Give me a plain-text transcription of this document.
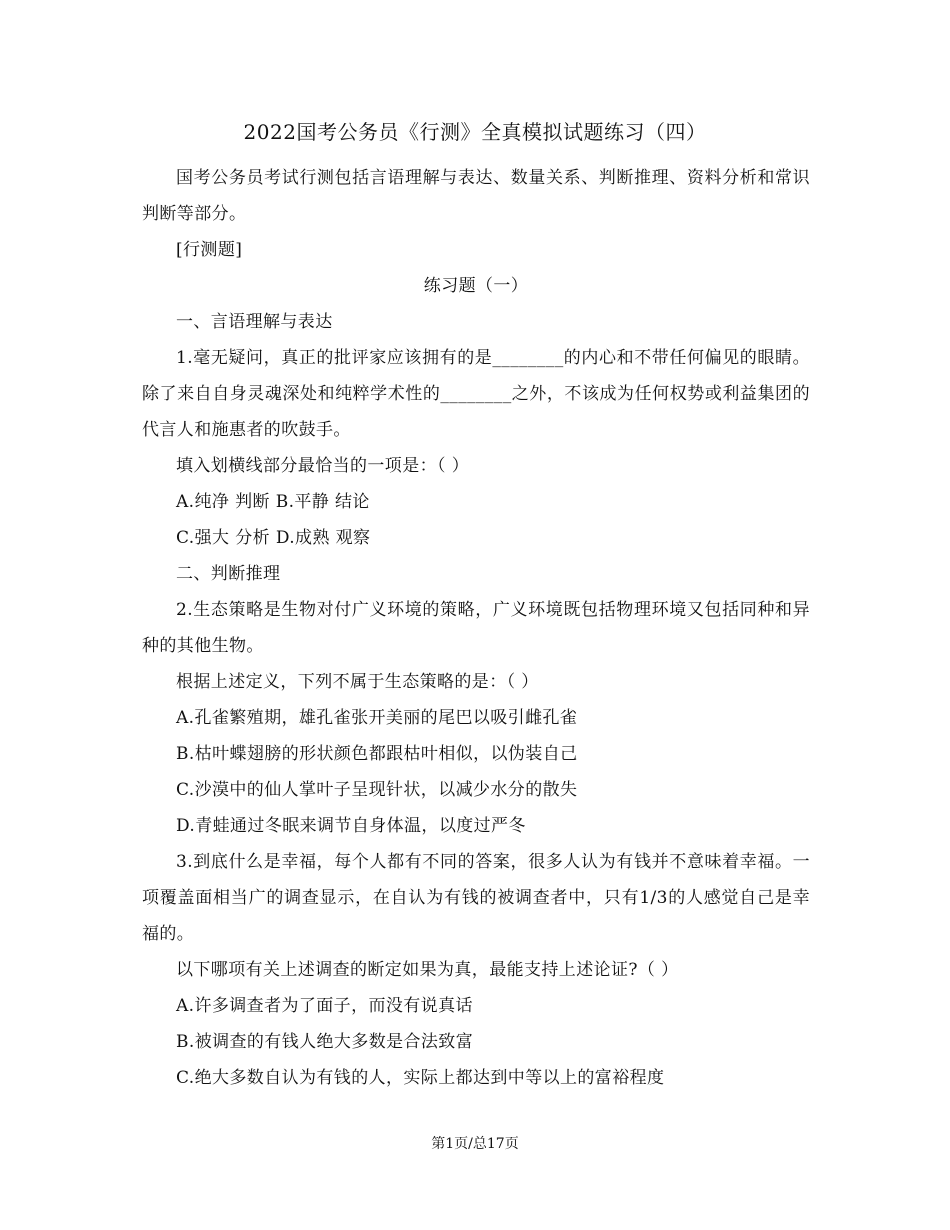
2022国考公务员《行测》全真模拟试题练习（四）

国考公务员考试行测包括言语理解与表达、数量关系、判断推理、资料分析和常识判断等部分。

[行测题]

练习题（一）

一、言语理解与表达

1.毫无疑问，真正的批评家应该拥有的是________的内心和不带任何偏见的眼睛。除了来自自身灵魂深处和纯粹学术性的________之外，不该成为任何权势或利益集团的代言人和施惠者的吹鼓手。

填入划横线部分最恰当的一项是：（ ）

A.纯净 判断 B.平静 结论

C.强大 分析 D.成熟 观察

二、判断推理

2.生态策略是生物对付广义环境的策略，广义环境既包括物理环境又包括同种和异种的其他生物。

根据上述定义，下列不属于生态策略的是：（ ）

A.孔雀繁殖期，雄孔雀张开美丽的尾巴以吸引雌孔雀

B.枯叶蝶翅膀的形状颜色都跟枯叶相似，以伪装自己

C.沙漠中的仙人掌叶子呈现针状，以减少水分的散失

D.青蛙通过冬眠来调节自身体温，以度过严冬

3.到底什么是幸福，每个人都有不同的答案，很多人认为有钱并不意味着幸福。一项覆盖面相当广的调查显示，在自认为有钱的被调查者中，只有1/3的人感觉自己是幸福的。

以下哪项有关上述调查的断定如果为真，最能支持上述论证?（ ）

A.许多调查者为了面子，而没有说真话

B.被调查的有钱人绝大多数是合法致富

C.绝大多数自认为有钱的人，实际上都达到中等以上的富裕程度

第1页/总17页
